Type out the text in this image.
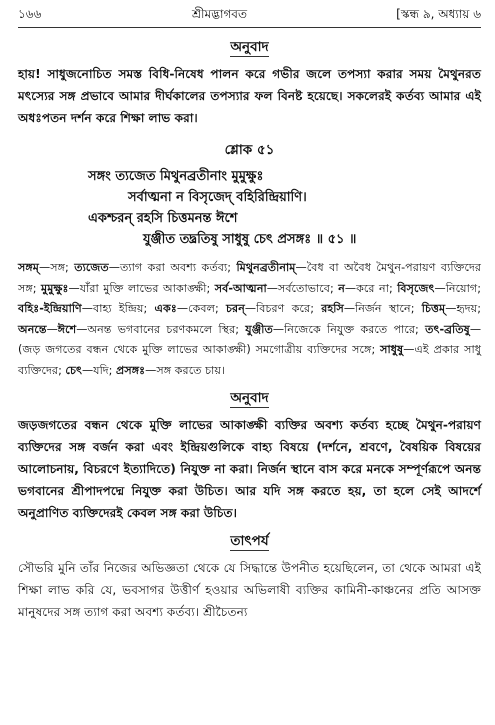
১৬৬	শ্রীমদ্ভাগবত	[স্কন্ধ ৯, অধ্যায় ৬
অনুবাদ
হায়! সাধুজনোচিত সমস্ত বিধি-নিষেধ পালন করে গভীর জলে তপস্যা করার সময় মৈথুনরত মৎস্যের সঙ্গ প্রভাবে আমার দীর্ঘকালের তপস্যার ফল বিনষ্ট হয়েছে। সকলেরই কর্তব্য আমার এই অধঃপতন দর্শন করে শিক্ষা লাভ করা।
শ্লোক ৫১
সঙ্গং ত্যজেত মিথুনব্রতীনাং মুমুক্ষুঃ
সর্বাত্মনা ন বিসৃজেদ্ বহিরিন্দ্রিয়াণি।
একশ্চরন্ রহসি চিত্তমনন্ত ঈশে
যুঞ্জীত তদ্ব্রতিষু সাধুষু চেৎ প্রসঙ্গঃ ॥ ৫১ ॥
সঙ্গম্—সঙ্গ; ত্যজেত—ত্যাগ করা অবশ্য কর্তব্য; মিথুনব্রতীনাম্—বৈধ বা অবৈধ মৈথুন-পরায়ণ ব্যক্তিদের সঙ্গ; মুমুক্ষুঃ—যাঁরা মুক্তি লাভের আকাঙ্ক্ষী; সর্ব-আত্মনা—সর্বতোভাবে; ন—করে না; বিসৃজেৎ—নিয়োগ; বহিঃ-ইন্দ্রিয়াণি—বাহ্য ইন্দ্রিয়; একঃ—কেবল; চরন্—বিচরণ করে; রহসি—নির্জন স্থানে; চিত্তম্—হৃদয়; অনন্তে—ঈশে—অনন্ত ভগবানের চরণকমলে স্থির; যুঞ্জীত—নিজেকে নিযুক্ত করতে পারে; তৎ-ব্রতিষু—(জড় জগতের বন্ধন থেকে মুক্তি লাভের আকাঙ্ক্ষী) সমগোত্রীয় ব্যক্তিদের সঙ্গে; সাধুষু—এই প্রকার সাধু ব্যক্তিদের; চেৎ—যদি; প্রসঙ্গঃ—সঙ্গ করতে চায়।
অনুবাদ
জড়জগতের বন্ধন থেকে মুক্তি লাভের আকাঙ্ক্ষী ব্যক্তির অবশ্য কর্তব্য হচ্ছে মৈথুন-পরায়ণ ব্যক্তিদের সঙ্গ বর্জন করা এবং ইন্দ্রিয়গুলিকে বাহ্য বিষয়ে (দর্শনে, শ্রবণে, বৈষয়িক বিষয়ের আলোচনায়, বিচরণে ইত্যাদিতে) নিযুক্ত না করা। নির্জন স্থানে বাস করে মনকে সম্পূর্ণরূপে অনন্ত ভগবানের শ্রীপাদপদ্মে নিযুক্ত করা উচিত। আর যদি সঙ্গ করতে হয়, তা হলে সেই আদর্শে অনুপ্রাণিত ব্যক্তিদেরই কেবল সঙ্গ করা উচিত।
তাৎপর্য
সৌভরি মুনি তাঁর নিজের অভিজ্ঞতা থেকে যে সিদ্ধান্তে উপনীত হয়েছিলেন, তা থেকে আমরা এই শিক্ষা লাভ করি যে, ভবসাগর উত্তীর্ণ হওয়ার অভিলাষী ব্যক্তির কামিনী-কাঞ্চনের প্রতি আসক্ত মানুষদের সঙ্গ ত্যাগ করা অবশ্য কর্তব্য। শ্রীচৈতন্য
